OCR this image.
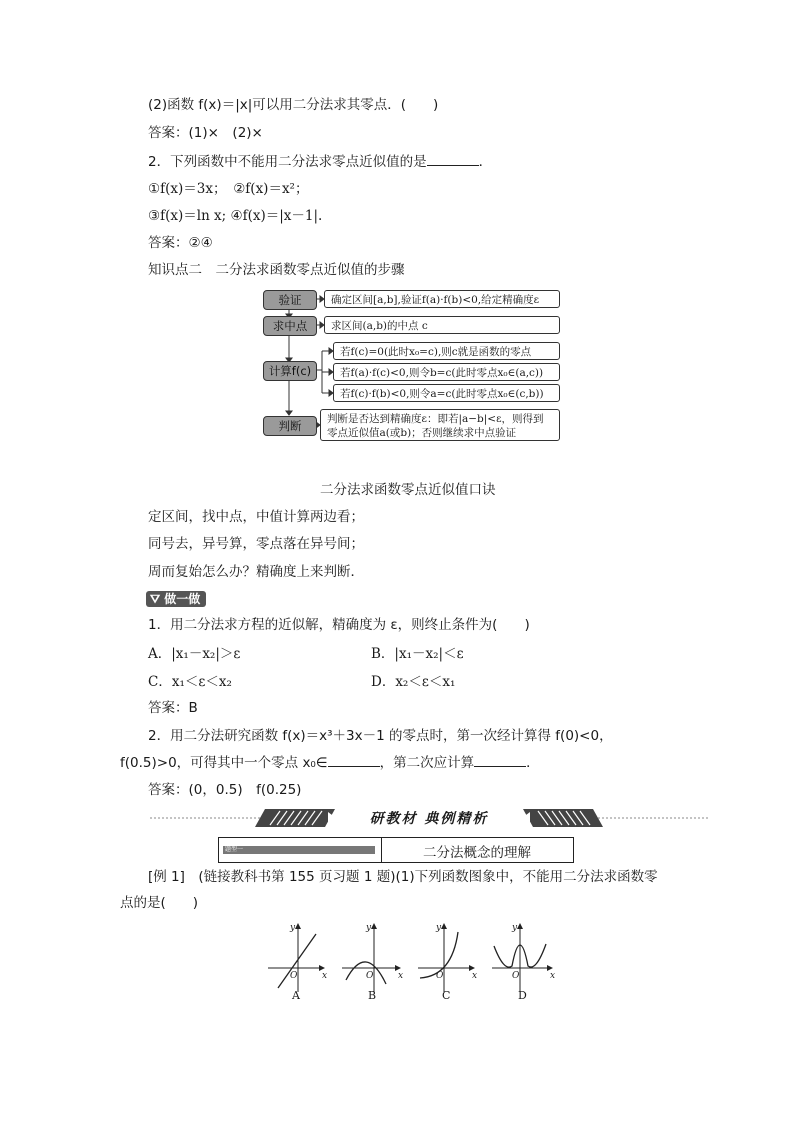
(2)函数 f(x)＝|x|可以用二分法求其零点．(　　)
答案：(1)×　(2)×
2．下列函数中不能用二分法求零点近似值的是	．
①f(x)＝3x；　②f(x)＝x²；
③f(x)＝ln x; ④f(x)＝|x－1|.
答案：②④
知识点二　二分法求函数零点近似值的步骤
验证
求中点
计算f(c)
判断
确定区间[a,b],验证f(a)·f(b)<0,给定精确度ε
求区间(a,b)的中点 c
若f(c)=0(此时x₀=c),则c就是函数的零点
若f(a)·f(c)<0,则令b=c(此时零点x₀∈(a,c))
若f(c)·f(b)<0,则令a=c(此时零点x₀∈(c,b))
判断是否达到精确度ε：即若|a−b|<ε，则得到
零点近似值a(或b)；否则继续求中点验证
二分法求函数零点近似值口诀
定区间，找中点，中值计算两边看；
同号去，异号算，零点落在异号间；
周而复始怎么办？精确度上来判断．
⛛ 做一做
1．用二分法求方程的近似解，精确度为 ε，则终止条件为(　　)
A．|x₁－x₂|＞ε	B．|x₁－x₂|＜ε
C．x₁＜ε＜x₂	D．x₂＜ε＜x₁
答案：B
2．用二分法研究函数 f(x)＝x³＋3x－1 的零点时，第一次经计算得 f(0)<0，
f(0.5)>0，可得其中一个零点 x₀∈	，第二次应计算	．
答案：(0，0.5)　f(0.25)
研教材 典例精析
题型一	二分法概念的理解
[例 1]　(链接教科书第 155 页习题 1 题)(1)下列函数图象中，不能用二分法求函数零
点的是(　　)
y
O	x
y
O	x
y
O	x
y
O	x
A	B	C	D
